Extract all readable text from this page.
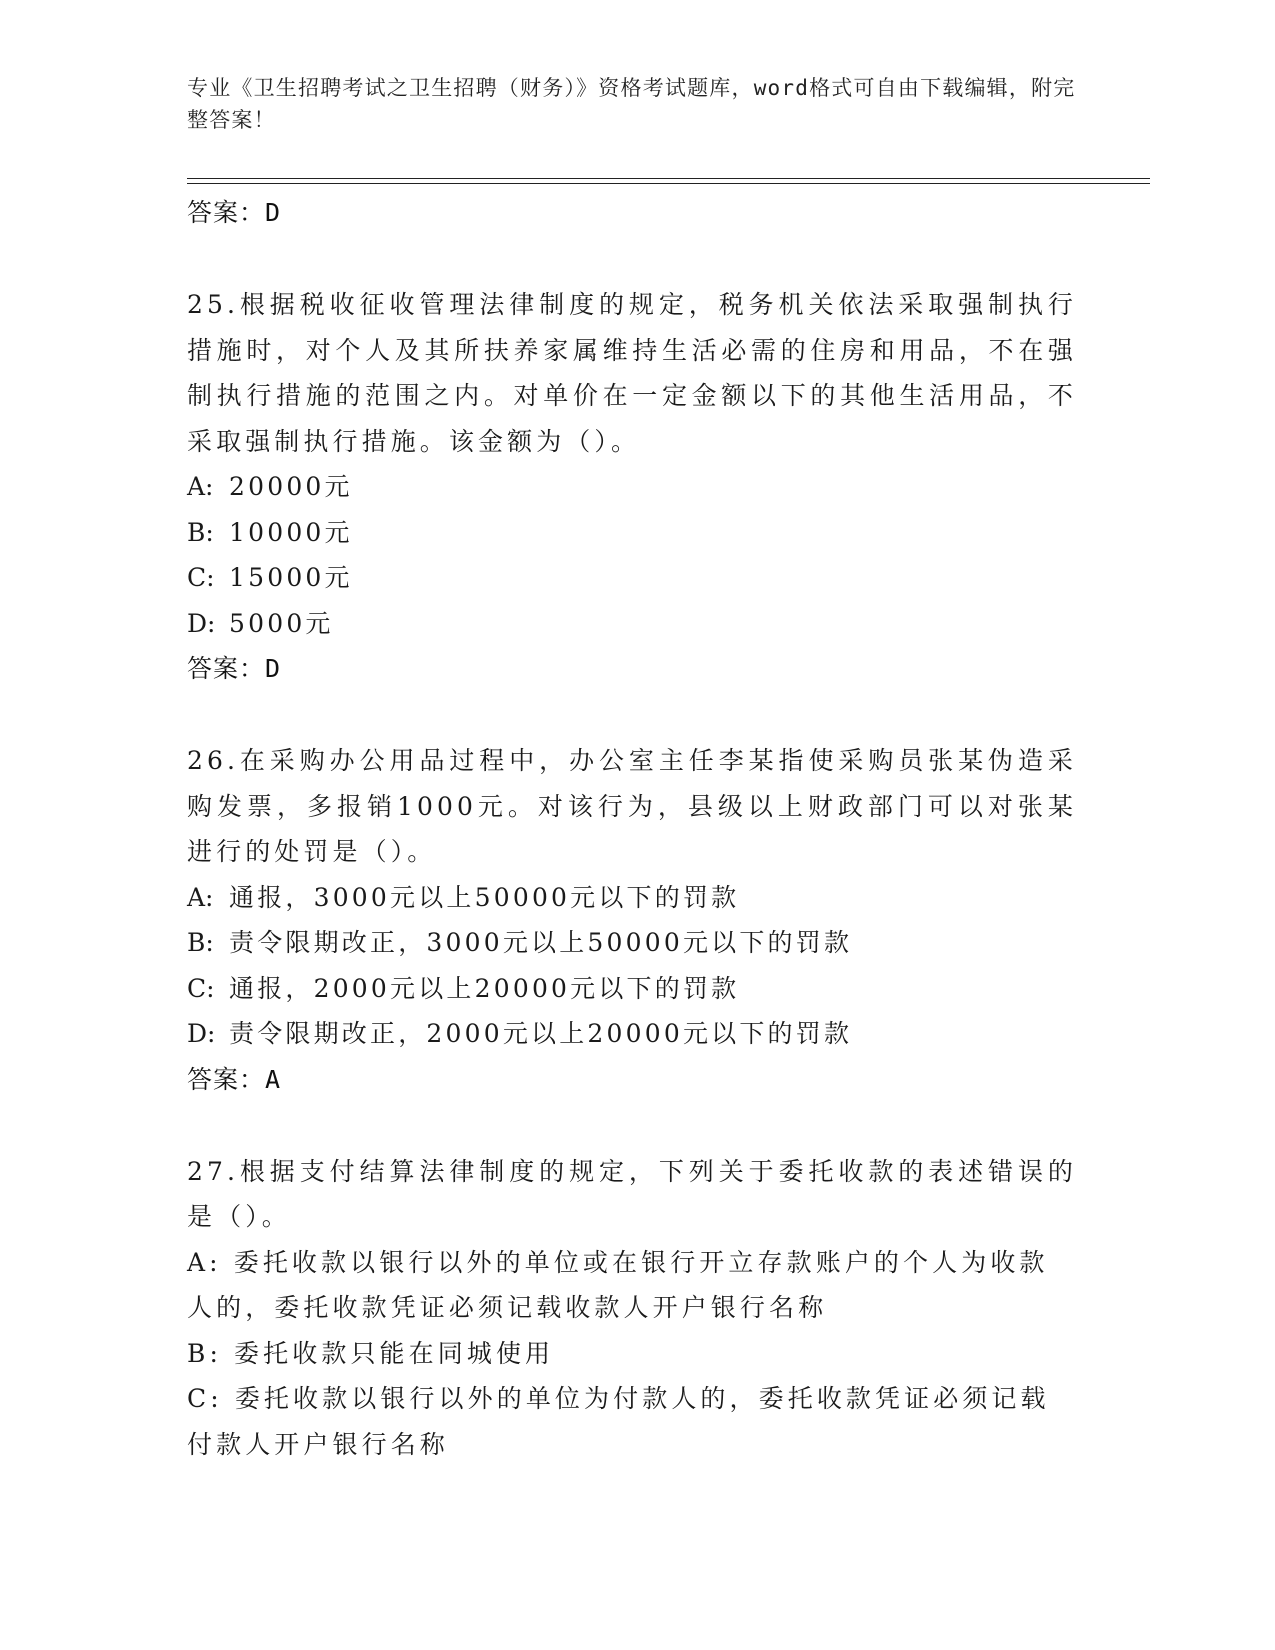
专业《卫生招聘考试之卫生招聘（财务）》资格考试题库，word格式可自由下载编辑，附完整答案！
答案：D
25.根据税收征收管理法律制度的规定，税务机关依法采取强制执行措施时，对个人及其所扶养家属维持生活必需的住房和用品，不在强制执行措施的范围之内。对单价在一定金额以下的其他生活用品，不采取强制执行措施。该金额为（）。
A: 20000元
B: 10000元
C: 15000元
D: 5000元
答案：D
26.在采购办公用品过程中，办公室主任李某指使采购员张某伪造采购发票，多报销1000元。对该行为，县级以上财政部门可以对张某进行的处罚是（）。
A: 通报，3000元以上50000元以下的罚款
B: 责令限期改正，3000元以上50000元以下的罚款
C: 通报，2000元以上20000元以下的罚款
D: 责令限期改正，2000元以上20000元以下的罚款
答案：A
27.根据支付结算法律制度的规定，下列关于委托收款的表述错误的是（）。
A: 委托收款以银行以外的单位或在银行开立存款账户的个人为收款人的，委托收款凭证必须记载收款人开户银行名称
B: 委托收款只能在同城使用
C: 委托收款以银行以外的单位为付款人的，委托收款凭证必须记载付款人开户银行名称
